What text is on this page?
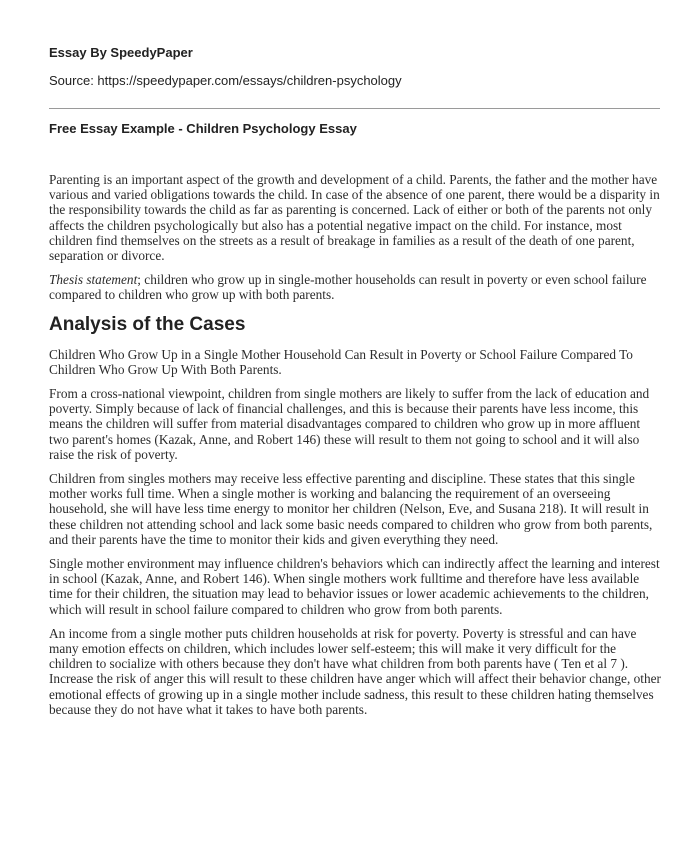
Essay By SpeedyPaper

Source: https://speedypaper.com/essays/children-psychology

Free Essay Example - Children Psychology Essay

Parenting is an important aspect of the growth and development of a child. Parents, the father and the mother have various and varied obligations towards the child. In case of the absence of one parent, there would be a disparity in the responsibility towards the child as far as parenting is concerned. Lack of either or both of the parents not only affects the children psychologically but also has a potential negative impact on the child. For instance, most children find themselves on the streets as a result of breakage in families as a result of the death of one parent, separation or divorce.

Thesis statement; children who grow up in single-mother households can result in poverty or even school failure compared to children who grow up with both parents.

Analysis of the Cases

Children Who Grow Up in a Single Mother Household Can Result in Poverty or School Failure Compared To Children Who Grow Up With Both Parents.

From a cross-national viewpoint, children from single mothers are likely to suffer from the lack of education and poverty. Simply because of lack of financial challenges, and this is because their parents have less income, this means the children will suffer from material disadvantages compared to children who grow up in more affluent two parent's homes (Kazak, Anne, and Robert 146) these will result to them not going to school and it will also raise the risk of poverty.

Children from singles mothers may receive less effective parenting and discipline. These states that this single mother works full time. When a single mother is working and balancing the requirement of an overseeing household, she will have less time energy to monitor her children (Nelson, Eve, and Susana 218). It will result in these children not attending school and lack some basic needs compared to children who grow from both parents, and their parents have the time to monitor their kids and given everything they need.

Single mother environment may influence children's behaviors which can indirectly affect the learning and interest in school (Kazak, Anne, and Robert 146). When single mothers work fulltime and therefore have less available time for their children, the situation may lead to behavior issues or lower academic achievements to the children, which will result in school failure compared to children who grow from both parents.

An income from a single mother puts children households at risk for poverty. Poverty is stressful and can have many emotion effects on children, which includes lower self-esteem; this will make it very difficult for the children to socialize with others because they don't have what children from both parents have ( Ten et al 7 ). Increase the risk of anger this will result to these children have anger which will affect their behavior change, other emotional effects of growing up in a single mother include sadness, this result to these children hating themselves because they do not have what it takes to have both parents.
